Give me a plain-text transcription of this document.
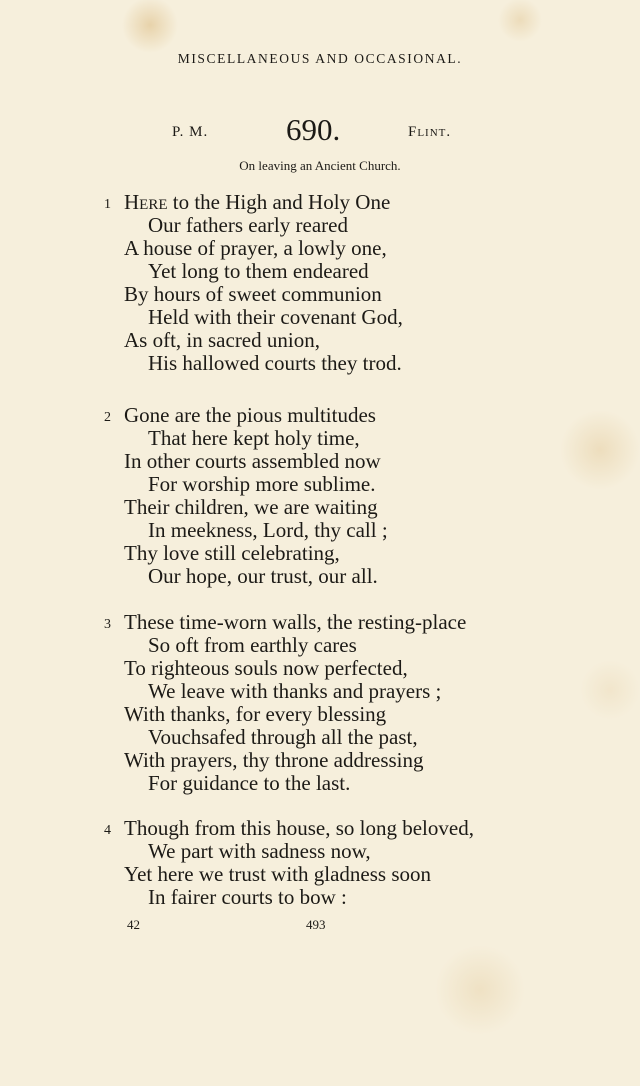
MISCELLANEOUS AND OCCASIONAL.
P. M.	690.	Flint.
On leaving an Ancient Church.
1 Here to the High and Holy One
Our fathers early reared
A house of prayer, a lowly one,
Yet long to them endeared
By hours of sweet communion
Held with their covenant God,
As oft, in sacred union,
His hallowed courts they trod.
2 Gone are the pious multitudes
That here kept holy time,
In other courts assembled now
For worship more sublime.
Their children, we are waiting
In meekness, Lord, thy call ;
Thy love still celebrating,
Our hope, our trust, our all.
3 These time-worn walls, the resting-place
So oft from earthly cares
To righteous souls now perfected,
We leave with thanks and prayers ;
With thanks, for every blessing
Vouchsafed through all the past,
With prayers, thy throne addressing
For guidance to the last.
4 Though from this house, so long beloved,
We part with sadness now,
Yet here we trust with gladness soon
In fairer courts to bow :
42	493
